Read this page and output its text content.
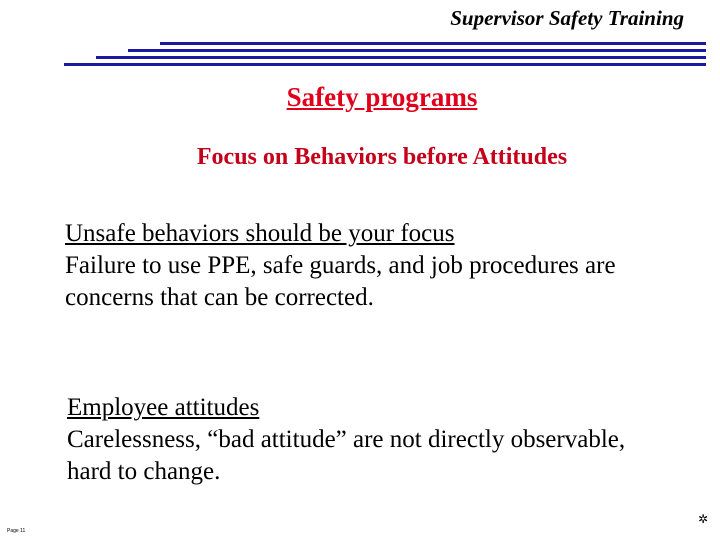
Supervisor Safety Training
Safety programs
Focus on Behaviors before Attitudes
Unsafe behaviors should be your focus
Failure to use PPE, safe guards, and job procedures are
concerns that can be corrected.
Employee attitudes
Carelessness, “bad attitude” are not directly observable,
hard to change.
Page 11
✲
